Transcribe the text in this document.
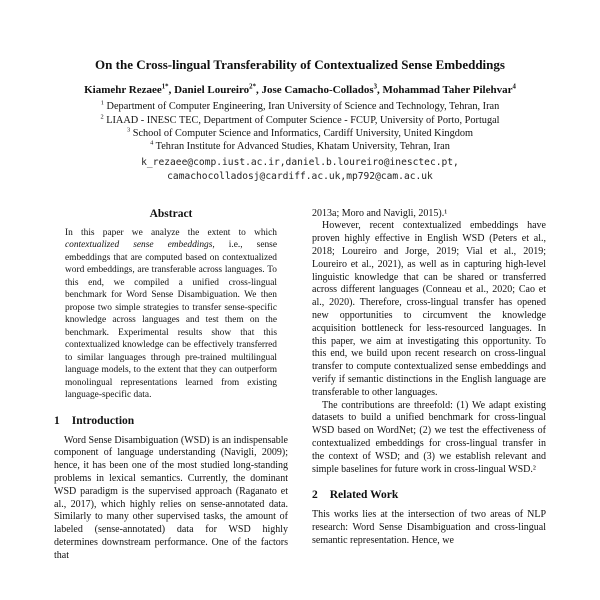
On the Cross-lingual Transferability of Contextualized Sense Embeddings
Kiamehr Rezaee$^{1*}$, Daniel Loureiro$^{2*}$, Jose Camacho-Collados$^3$, Mohammad Taher Pilehvar$^4$
$^1$ Department of Computer Engineering, Iran University of Science and Technology, Tehran, Iran
$^2$ LIAAD - INESC TEC, Department of Computer Science - FCUP, University of Porto, Portugal
$^3$ School of Computer Science and Informatics, Cardiff University, United Kingdom
$^4$ Tehran Institute for Advanced Studies, Khatam University, Tehran, Iran
k_rezaee@comp.iust.ac.ir,daniel.b.loureiro@inesctec.pt,
camachocolladosj@cardiff.ac.uk,mp792@cam.ac.uk
Abstract

In this paper we analyze the extent to which contextualized sense embeddings, i.e., sense embeddings that are computed based on contextualized word embeddings, are transferable across languages. To this end, we compiled a unified cross-lingual benchmark for Word Sense Disambiguation. We then propose two simple strategies to transfer sense-specific knowledge across languages and test them on the benchmark. Experimental results show that this contextualized knowledge can be effectively transferred to similar languages through pre-trained multilingual language models, to the extent that they can outperform monolingual representations learned from existing language-specific data.

1 Introduction

Word Sense Disambiguation (WSD) is an indispensable component of language understanding (Navigli, 2009); hence, it has been one of the most studied long-standing problems in lexical semantics. Currently, the dominant WSD paradigm is the supervised approach (Raganato et al., 2017), which highly relies on sense-annotated data. Similarly to many other supervised tasks, the amount of labeled (sense-annotated) data for WSD highly determines downstream performance. One of the factors that

2013a; Moro and Navigli, 2015).¹

However, recent contextualized embeddings have proven highly effective in English WSD (Peters et al., 2018; Loureiro and Jorge, 2019; Vial et al., 2019; Loureiro et al., 2021), as well as in capturing high-level linguistic knowledge that can be shared or transferred across different languages (Conneau et al., 2020; Cao et al., 2020). Therefore, cross-lingual transfer has opened new opportunities to circumvent the knowledge acquisition bottleneck for less-resourced languages. In this paper, we aim at investigating this opportunity. To this end, we build upon recent research on cross-lingual transfer to compute contextualized sense embeddings and verify if semantic distinctions in the English language are transferable to other languages.

The contributions are threefold: (1) We adapt existing datasets to build a unified benchmark for cross-lingual WSD based on WordNet; (2) we test the effectiveness of contextualized embeddings for cross-lingual transfer in the context of WSD; and (3) we establish relevant and simple baselines for future work in cross-lingual WSD.²

2 Related Work

This works lies at the intersection of two areas of NLP research: Word Sense Disambiguation and cross-lingual semantic representation. Hence, we
